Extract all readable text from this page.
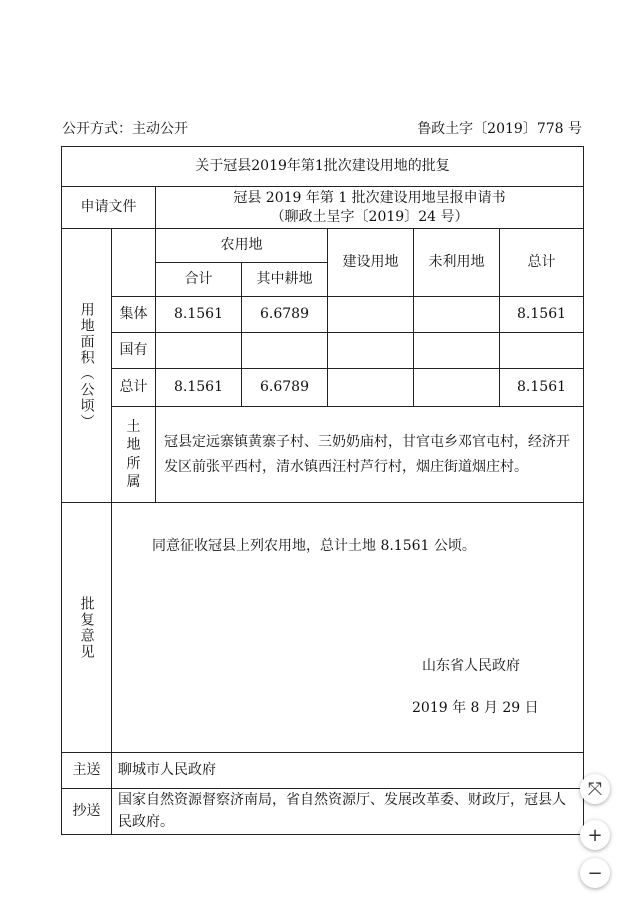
公开方式：主动公开	鲁政土字〔2019〕778 号
关于冠县2019年第1批次建设用地的批复						
申请文件		冠县 2019 年第 1 批次建设用地呈报申请书
（聊政土呈字〔2019〕24 号）				

用地面积（公顷）		农用地		建设用地	未利用地	总计
		合计	其中耕地			
	集体	8.1561	6.6789			8.1561
	国有					
	总计	8.1561	6.6789			8.1561
	土地所属	冠县定远寨镇黄寨子村、三奶奶庙村，甘官屯乡邓官屯村，经济开发区前张平西村，清水镇西汪村芦行村，烟庄街道烟庄村。				

批复意见	同意征收冠县上列农用地，总计土地 8.1561 公顷。
山东省人民政府
2019 年 8 月 29 日					

主送	聊城市人民政府					
抄送	国家自然资源督察济南局，省自然资源厅、发展改革委、财政厅，冠县人民政府。					
⤧
+
−
